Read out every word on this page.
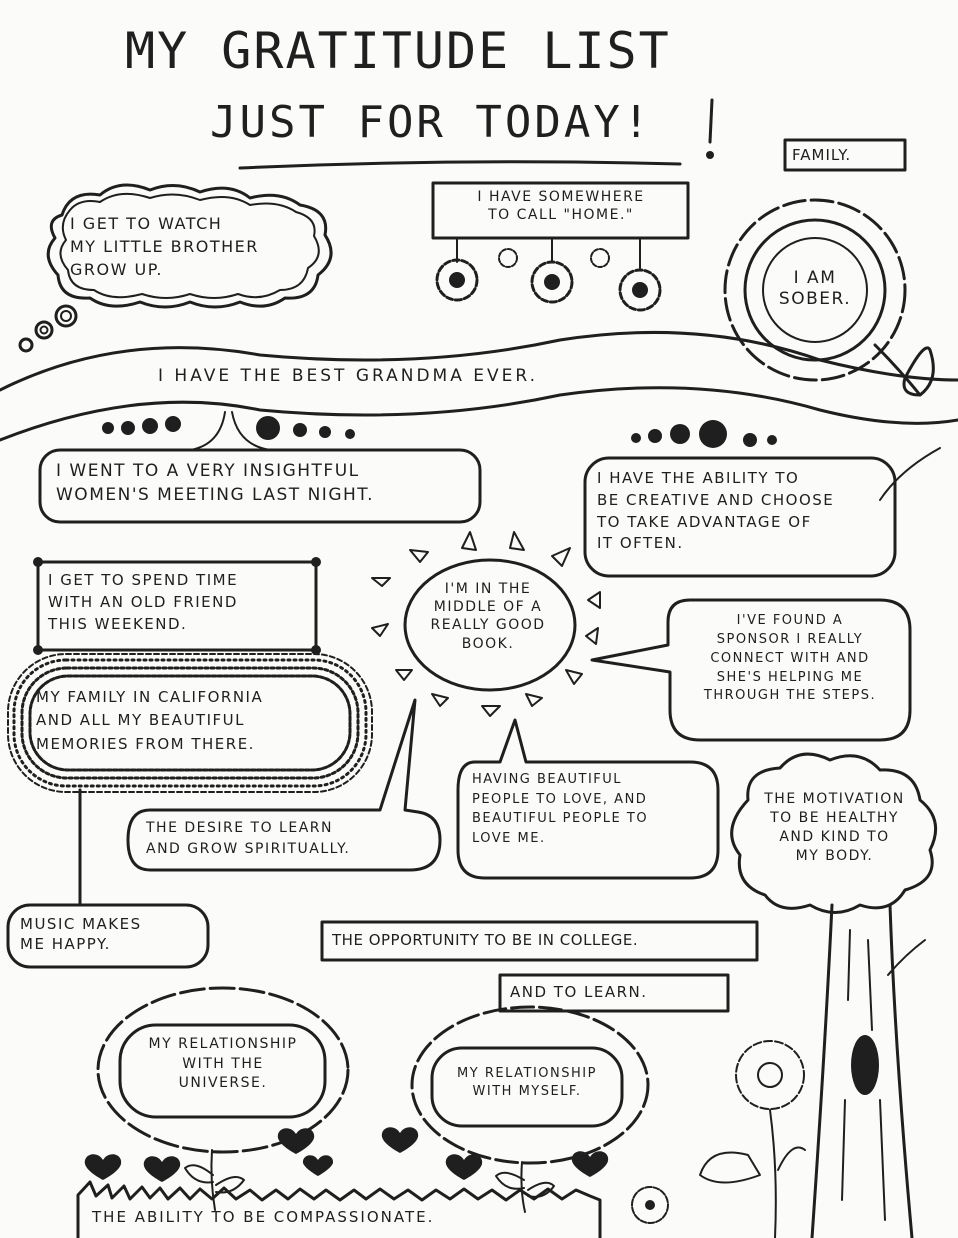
MY GRATITUDE LIST
JUST FOR TODAY!
FAMILY.
I GET TO WATCH
MY LITTLE BROTHER
GROW UP.
I HAVE SOMEWHERE
TO CALL "HOME."
I AM
SOBER.
I HAVE THE BEST GRANDMA EVER.
I WENT TO A VERY INSIGHTFUL
WOMEN'S MEETING LAST NIGHT.
I HAVE THE ABILITY TO
BE CREATIVE AND CHOOSE
TO TAKE ADVANTAGE OF
IT OFTEN.
I GET TO SPEND TIME
WITH AN OLD FRIEND
THIS WEEKEND.
I'M IN THE
MIDDLE OF A
REALLY GOOD
BOOK.
I'VE FOUND A
SPONSOR I REALLY
CONNECT WITH AND
SHE'S HELPING ME
THROUGH THE STEPS.
MY FAMILY IN CALIFORNIA
AND ALL MY BEAUTIFUL
MEMORIES FROM THERE.
THE DESIRE TO LEARN
AND GROW SPIRITUALLY.
HAVING BEAUTIFUL
PEOPLE TO LOVE, AND
BEAUTIFUL PEOPLE TO
LOVE ME.
THE MOTIVATION
TO BE HEALTHY
AND KIND TO
MY BODY.
MUSIC MAKES
ME HAPPY.	THE OPPORTUNITY TO BE IN COLLEGE.
AND TO LEARN.
MY RELATIONSHIP
WITH THE
UNIVERSE.
MY RELATIONSHIP
WITH MYSELF.
THE ABILITY TO BE COMPASSIONATE.
